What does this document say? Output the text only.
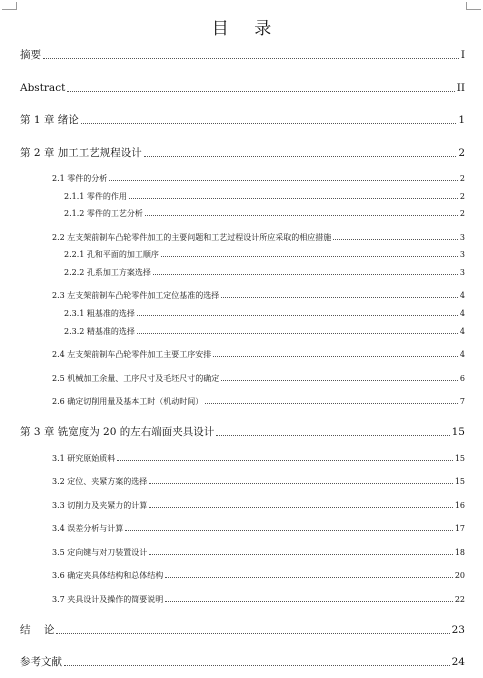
目 录
摘要	I
Abstract	II
第 1 章 绪论	1
第 2 章 加工工艺规程设计	2
2.1 零件的分析	2
2.1.1 零件的作用	2
2.1.2 零件的工艺分析	2
2.2 左支架前制车凸轮零件加工的主要问题和工艺过程设计所应采取的相应措施	3
2.2.1 孔和平面的加工顺序	3
2.2.2 孔系加工方案选择	3
2.3 左支架前制车凸轮零件加工定位基准的选择	4
2.3.1 粗基准的选择	4
2.3.2 精基准的选择	4
2.4 左支架前制车凸轮零件加工主要工序安排	4
2.5 机械加工余量、工序尺寸及毛坯尺寸的确定	6
2.6 确定切削用量及基本工时（机动时间）	7
第 3 章 铣宽度为 20 的左右端面夹具设计	15
3.1 研究原始质料	15
3.2 定位、夹紧方案的选择	15
3.3 切削力及夹紧力的计算	16
3.4 误差分析与计算	17
3.5 定向键与对刀装置设计	18
3.6 确定夹具体结构和总体结构	20
3.7 夹具设计及操作的简要说明	22
结    论	23
参考文献	24
